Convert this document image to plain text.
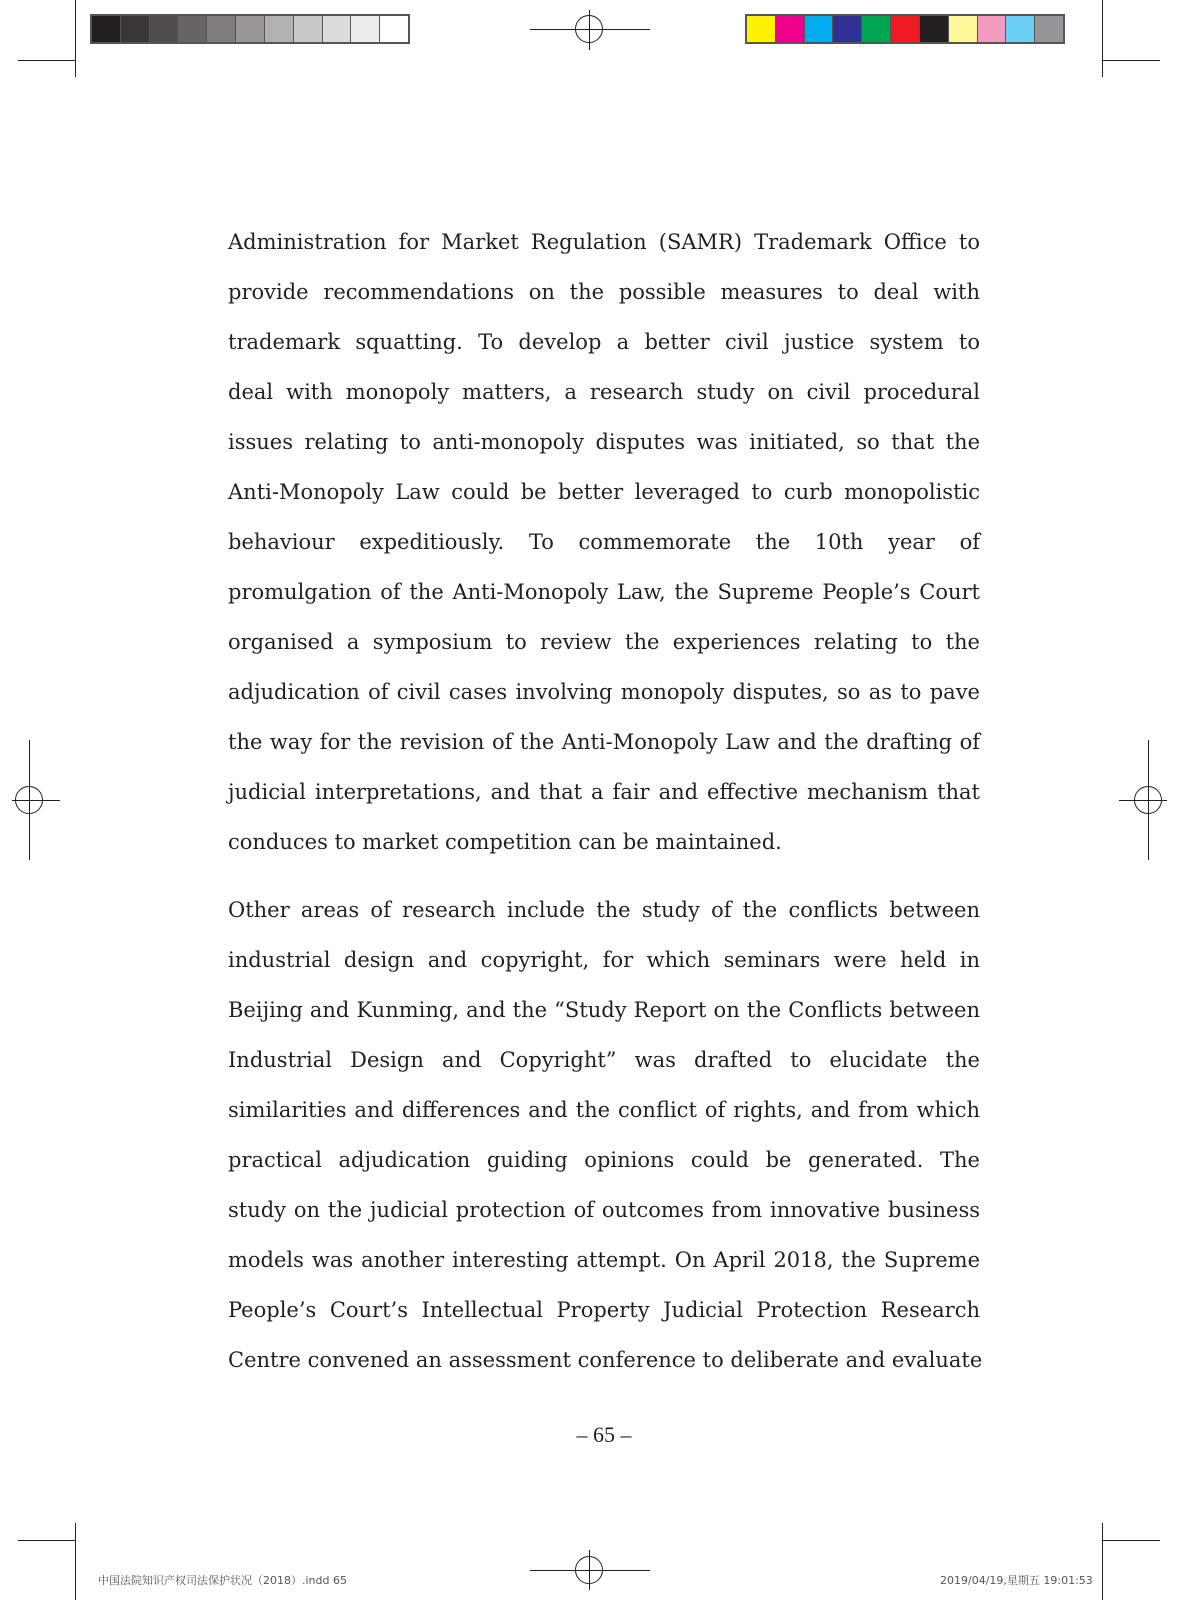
Administration for Market Regulation (SAMR) Trademark Office to
provide recommendations on the possible measures to deal with
trademark squatting. To develop a better civil justice system to
deal with monopoly matters, a research study on civil procedural
issues relating to anti-monopoly disputes was initiated, so that the
Anti-Monopoly Law could be better leveraged to curb monopolistic
behaviour expeditiously. To commemorate the 10th year of
promulgation of the Anti-Monopoly Law, the Supreme People’s Court
organised a symposium to review the experiences relating to the
adjudication of civil cases involving monopoly disputes, so as to pave
the way for the revision of the Anti-Monopoly Law and the drafting of
judicial interpretations, and that a fair and effective mechanism that
conduces to market competition can be maintained.
Other areas of research include the study of the conflicts between
industrial design and copyright, for which seminars were held in
Beijing and Kunming, and the “Study Report on the Conflicts between
Industrial Design and Copyright” was drafted to elucidate the
similarities and differences and the conflict of rights, and from which
practical adjudication guiding opinions could be generated. The
study on the judicial protection of outcomes from innovative business
models was another interesting attempt. On April 2018, the Supreme
People’s Court’s Intellectual Property Judicial Protection Research
Centre convened an assessment conference to deliberate and evaluate
– 65 –
中国法院知识产权司法保护状况（2018）.indd 65	2019/04/19,星期五 19:01:53
